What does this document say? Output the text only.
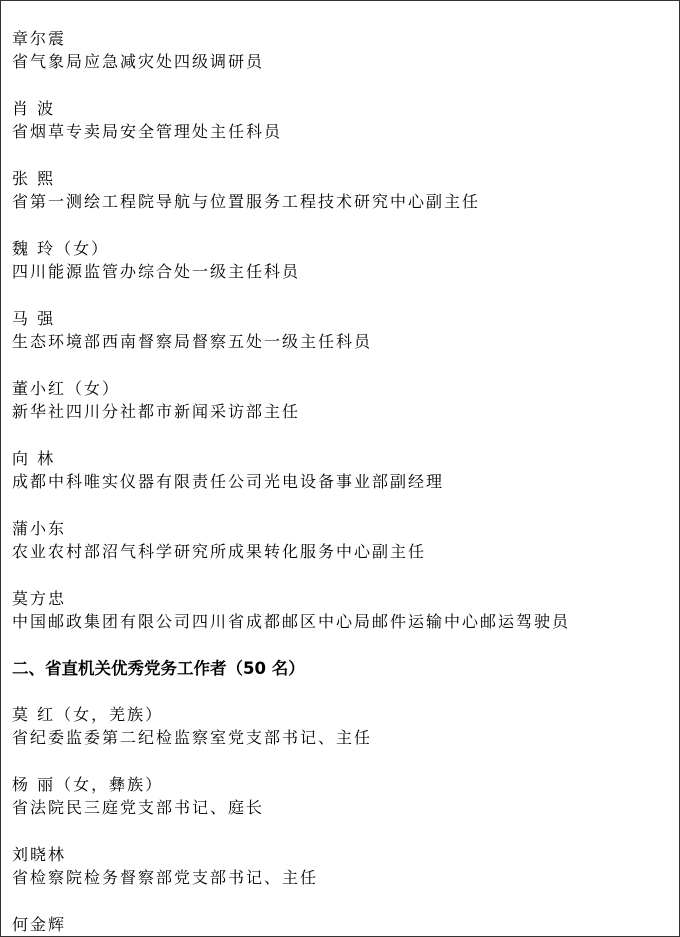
章尔震
省气象局应急减灾处四级调研员
肖 波
省烟草专卖局安全管理处主任科员
张 熙
省第一测绘工程院导航与位置服务工程技术研究中心副主任
魏 玲（女）
四川能源监管办综合处一级主任科员
马 强
生态环境部西南督察局督察五处一级主任科员
董小红（女）
新华社四川分社都市新闻采访部主任
向 林
成都中科唯实仪器有限责任公司光电设备事业部副经理
蒲小东
农业农村部沼气科学研究所成果转化服务中心副主任
莫方忠
中国邮政集团有限公司四川省成都邮区中心局邮件运输中心邮运驾驶员
二、省直机关优秀党务工作者（50 名）
莫 红（女，羌族）
省纪委监委第二纪检监察室党支部书记、主任
杨 丽（女，彝族）
省法院民三庭党支部书记、庭长
刘晓林
省检察院检务督察部党支部书记、主任
何金辉
